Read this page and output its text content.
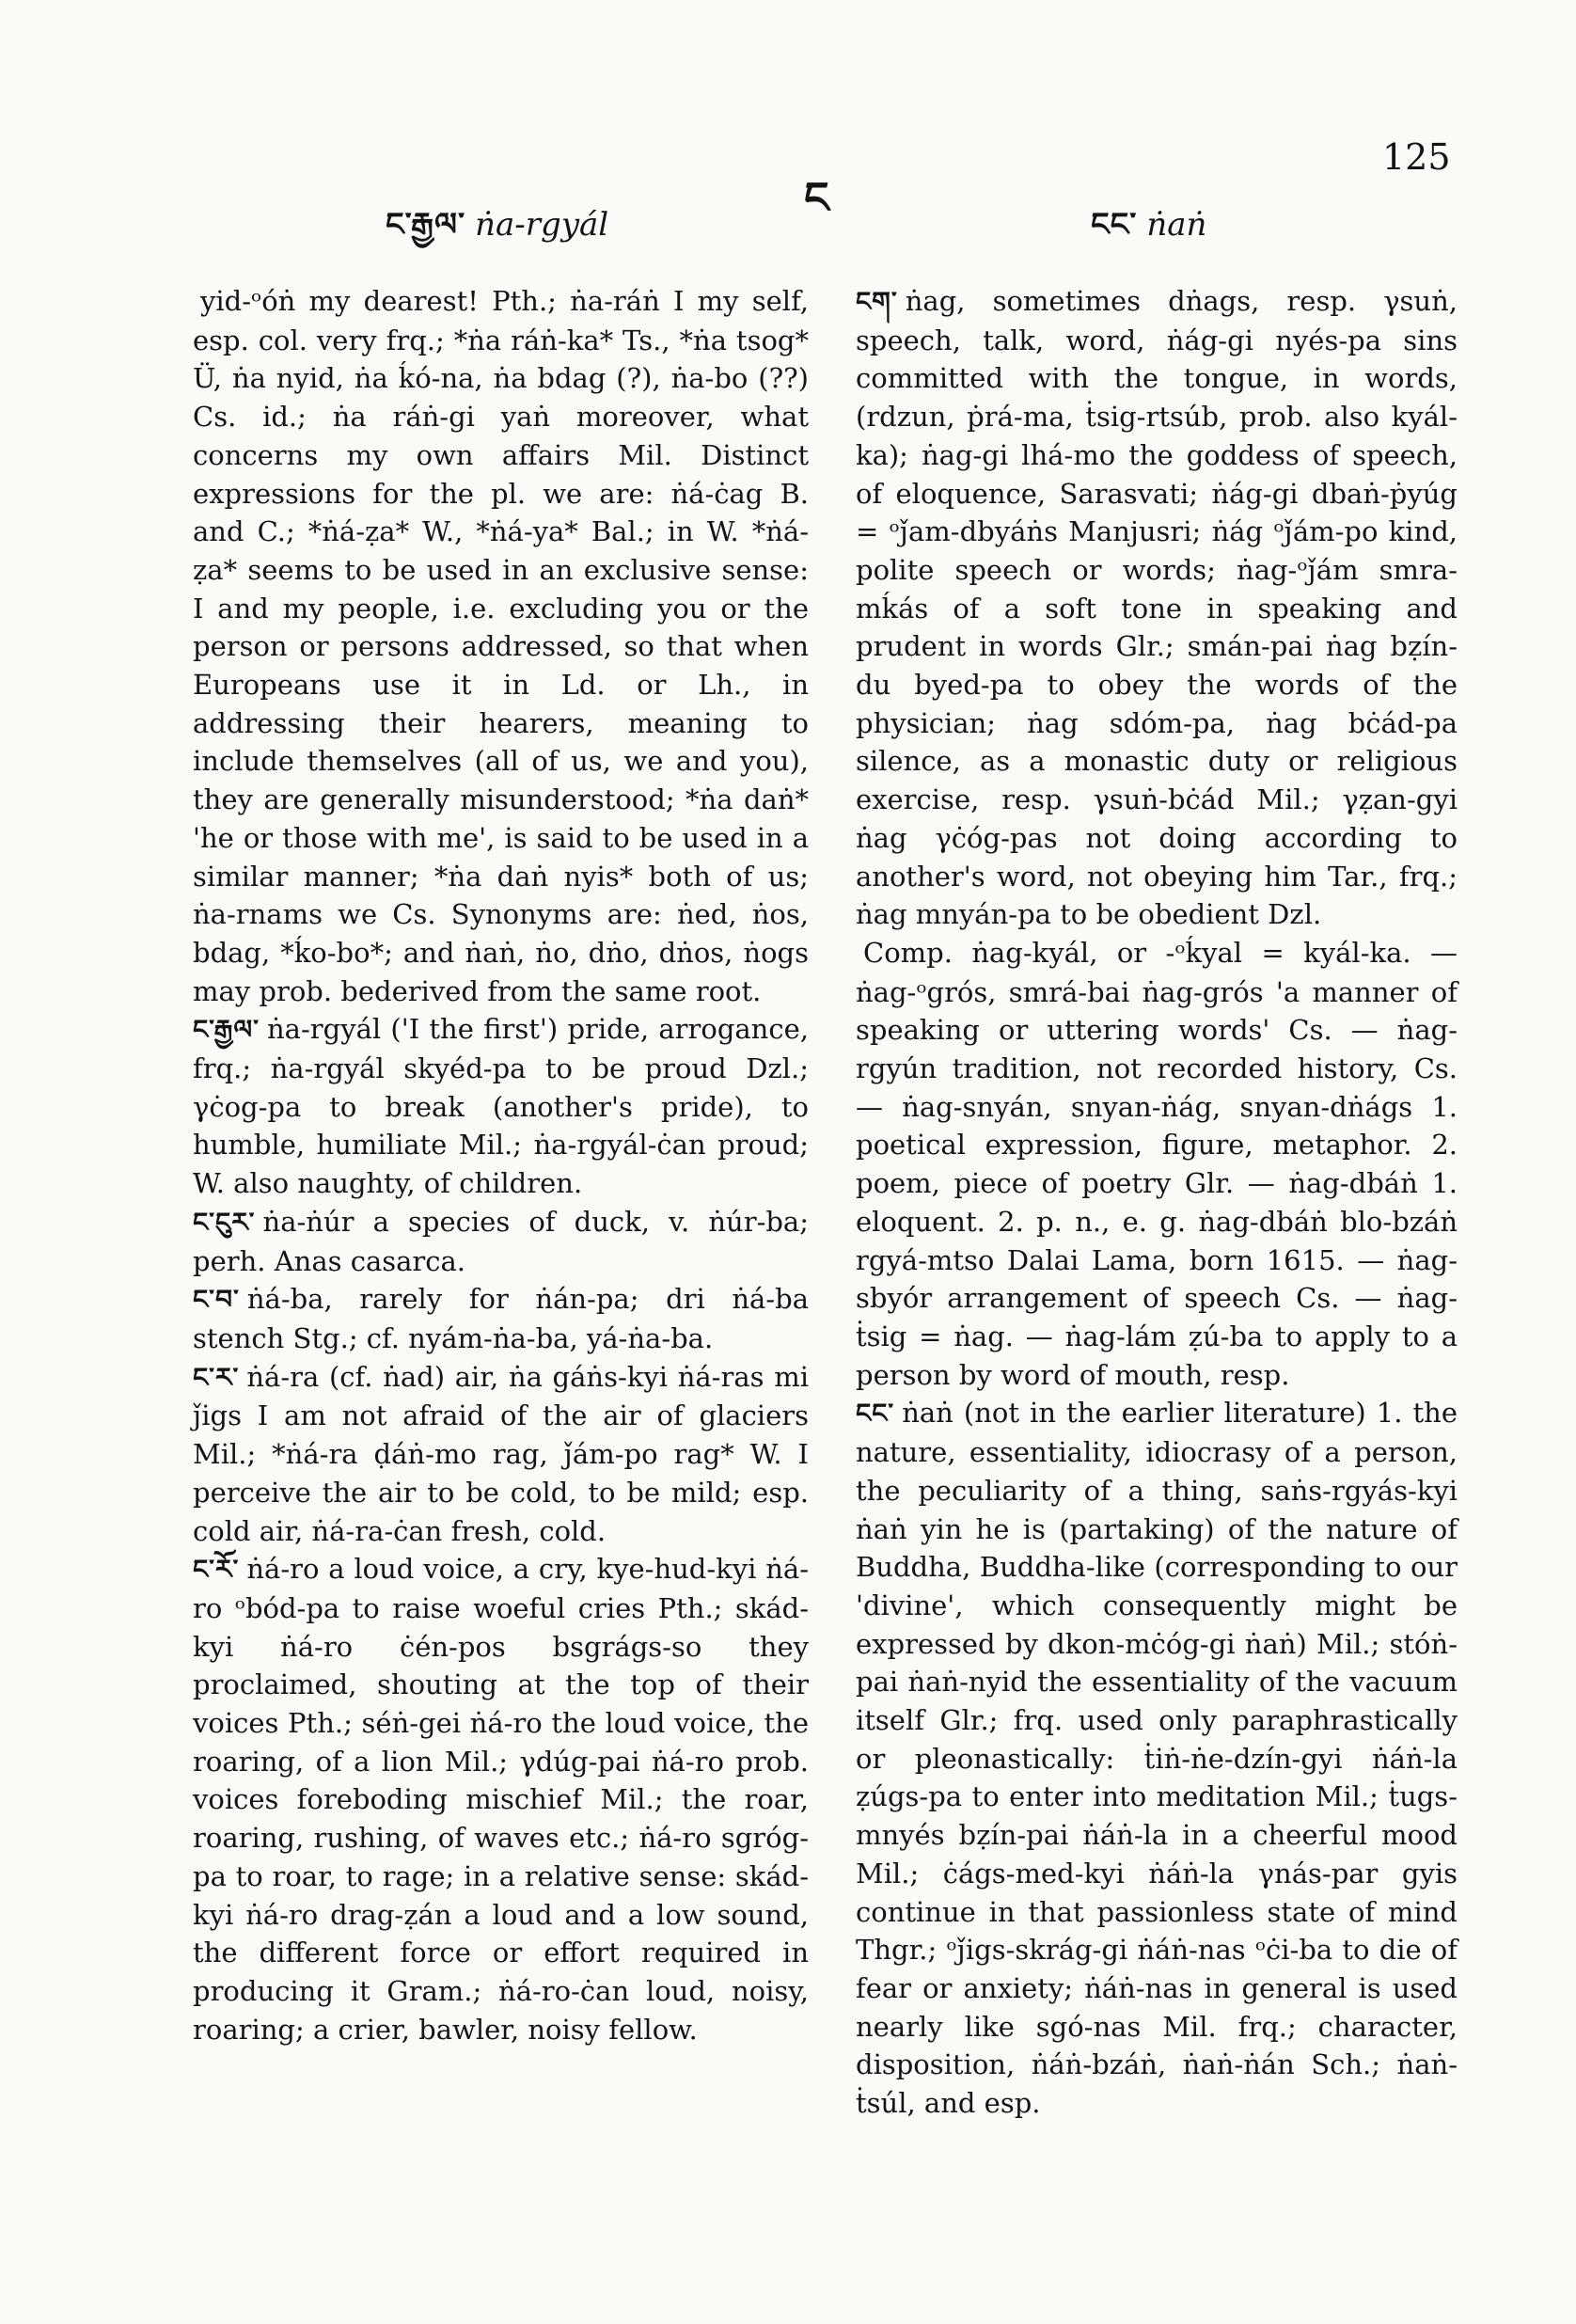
ང་རྒྱལ་ ṅa-rgyál
ང
ངང་ ṅaṅ
125

yid-ᵒóṅ my dearest! Pth.; ṅa-ráṅ I my self, esp. col. very frq.; *ṅa ráṅ-ka* Ts., *ṅa tsog* Ü, ṅa nyid, ṅa ḱó-na, ṅa bdag (?), ṅa-bo (??) Cs. id.; ṅa ráṅ-gi yaṅ moreover, what concerns my own affairs Mil. Distinct expressions for the pl. we are: ṅá-ċag B. and C.; *ṅá-ẓa* W., *ṅá-ya* Bal.; in W. *ṅá-ẓa* seems to be used in an exclusive sense: I and my people, i.e. excluding you or the person or persons addressed, so that when Europeans use it in Ld. or Lh., in addressing their hearers, meaning to include themselves (all of us, we and you), they are generally misunderstood; *ṅa daṅ* 'he or those with me', is said to be used in a similar manner; *ṅa daṅ nyis* both of us; ṅa-rnams we Cs. Synonyms are: ṅed, ṅos, bdag, *ḱo-bo*; and ṅaṅ, ṅo, dṅo, dṅos, ṅogs may prob. bederived from the same root.

ང་རྒྱལ་ ṅa-rgyál ('I the first') pride, arrogance, frq.; ṅa-rgyál skyéd-pa to be proud Dzl.; γċog-pa to break (another's pride), to humble, humiliate Mil.; ṅa-rgyál-ċan proud; W. also naughty, of children.

ང་ངུར་ ṅa-ṅúr a species of duck, v. ṅúr-ba; perh. Anas casarca.

ང་བ་ ṅá-ba, rarely for ṅán-pa; dri ṅá-ba stench Stg.; cf. nyám-ṅa-ba, yá-ṅa-ba.

ང་ར་ ṅá-ra (cf. ṅad) air, ṅa gáṅs-kyi ṅá-ras mi ǰigs I am not afraid of the air of glaciers Mil.; *ṅá-ra ḍáṅ-mo rag, ǰám-po rag* W. I perceive the air to be cold, to be mild; esp. cold air, ṅá-ra-ċan fresh, cold.

ང་རོ་ ṅá-ro a loud voice, a cry, kye-hud-kyi ṅá-ro ᵒbód-pa to raise woeful cries Pth.; skád-kyi ṅá-ro ċén-pos bsgrágs-so they proclaimed, shouting at the top of their voices Pth.; séṅ-gei ṅá-ro the loud voice, the roaring, of a lion Mil.; γdúg-pai ṅá-ro prob. voices foreboding mischief Mil.; the roar, roaring, rushing, of waves etc.; ṅá-ro sgróg-pa to roar, to rage; in a relative sense: skád-kyi ṅá-ro drag-ẓán a loud and a low sound, the different force or effort required in producing it Gram.; ṅá-ro-ċan loud, noisy, roaring; a crier, bawler, noisy fellow.

ངག་ ṅag, sometimes dṅags, resp. γsuṅ, speech, talk, word, ṅág-gi nyés-pa sins committed with the tongue, in words, (rdzun, ṗrá-ma, ṫsig-rtsúb, prob. also kyál-ka); ṅag-gi lhá-mo the goddess of speech, of eloquence, Sarasvati; ṅág-gi dbaṅ-ṗyúg = ᵒǰam-dbyáṅs Manjusri; ṅág ᵒǰám-po kind, polite speech or words; ṅag-ᵒǰám smra-mḱás of a soft tone in speaking and prudent in words Glr.; smán-pai ṅag bẓín-du byed-pa to obey the words of the physician; ṅag sdóm-pa, ṅag bċád-pa silence, as a monastic duty or religious exercise, resp. γsuṅ-bċád Mil.; γẓan-gyi ṅag γċóg-pas not doing according to another's word, not obeying him Tar., frq.; ṅag mnyán-pa to be obedient Dzl.

Comp. ṅag-kyál, or -ᵒḱyal = kyál-ka. — ṅag-ᵒgrós, smrá-bai ṅag-grós 'a manner of speaking or uttering words' Cs. — ṅag-rgyún tradition, not recorded history, Cs. — ṅag-snyán, snyan-ṅág, snyan-dṅágs 1. poetical expression, figure, metaphor. 2. poem, piece of poetry Glr. — ṅag-dbáṅ 1. eloquent. 2. p. n., e. g. ṅag-dbáṅ blo-bzáṅ rgyá-mtso Dalai Lama, born 1615. — ṅag-sbyór arrangement of speech Cs. — ṅag-ṫsig = ṅag. — ṅag-lám ẓú-ba to apply to a person by word of mouth, resp.

ངང་ ṅaṅ (not in the earlier literature) 1. the nature, essentiality, idiocrasy of a person, the peculiarity of a thing, saṅs-rgyás-kyi ṅaṅ yin he is (partaking) of the nature of Buddha, Buddha-like (corresponding to our 'divine', which consequently might be expressed by dkon-mċóg-gi ṅaṅ) Mil.; stóṅ-pai ṅaṅ-nyid the essentiality of the vacuum itself Glr.; frq. used only paraphrastically or pleonastically: ṫiṅ-ṅe-dzín-gyi ṅáṅ-la ẓúgs-pa to enter into meditation Mil.; ṫugs-mnyés bẓín-pai ṅáṅ-la in a cheerful mood Mil.; ċágs-med-kyi ṅáṅ-la γnás-par gyis continue in that passionless state of mind Thgr.; ᵒǰigs-skrág-gi ṅáṅ-nas ᵒċi-ba to die of fear or anxiety; ṅáṅ-nas in general is used nearly like sgó-nas Mil. frq.; character, disposition, ṅáṅ-bzáṅ, ṅaṅ-ṅán Sch.; ṅaṅ-ṫsúl, and esp.
